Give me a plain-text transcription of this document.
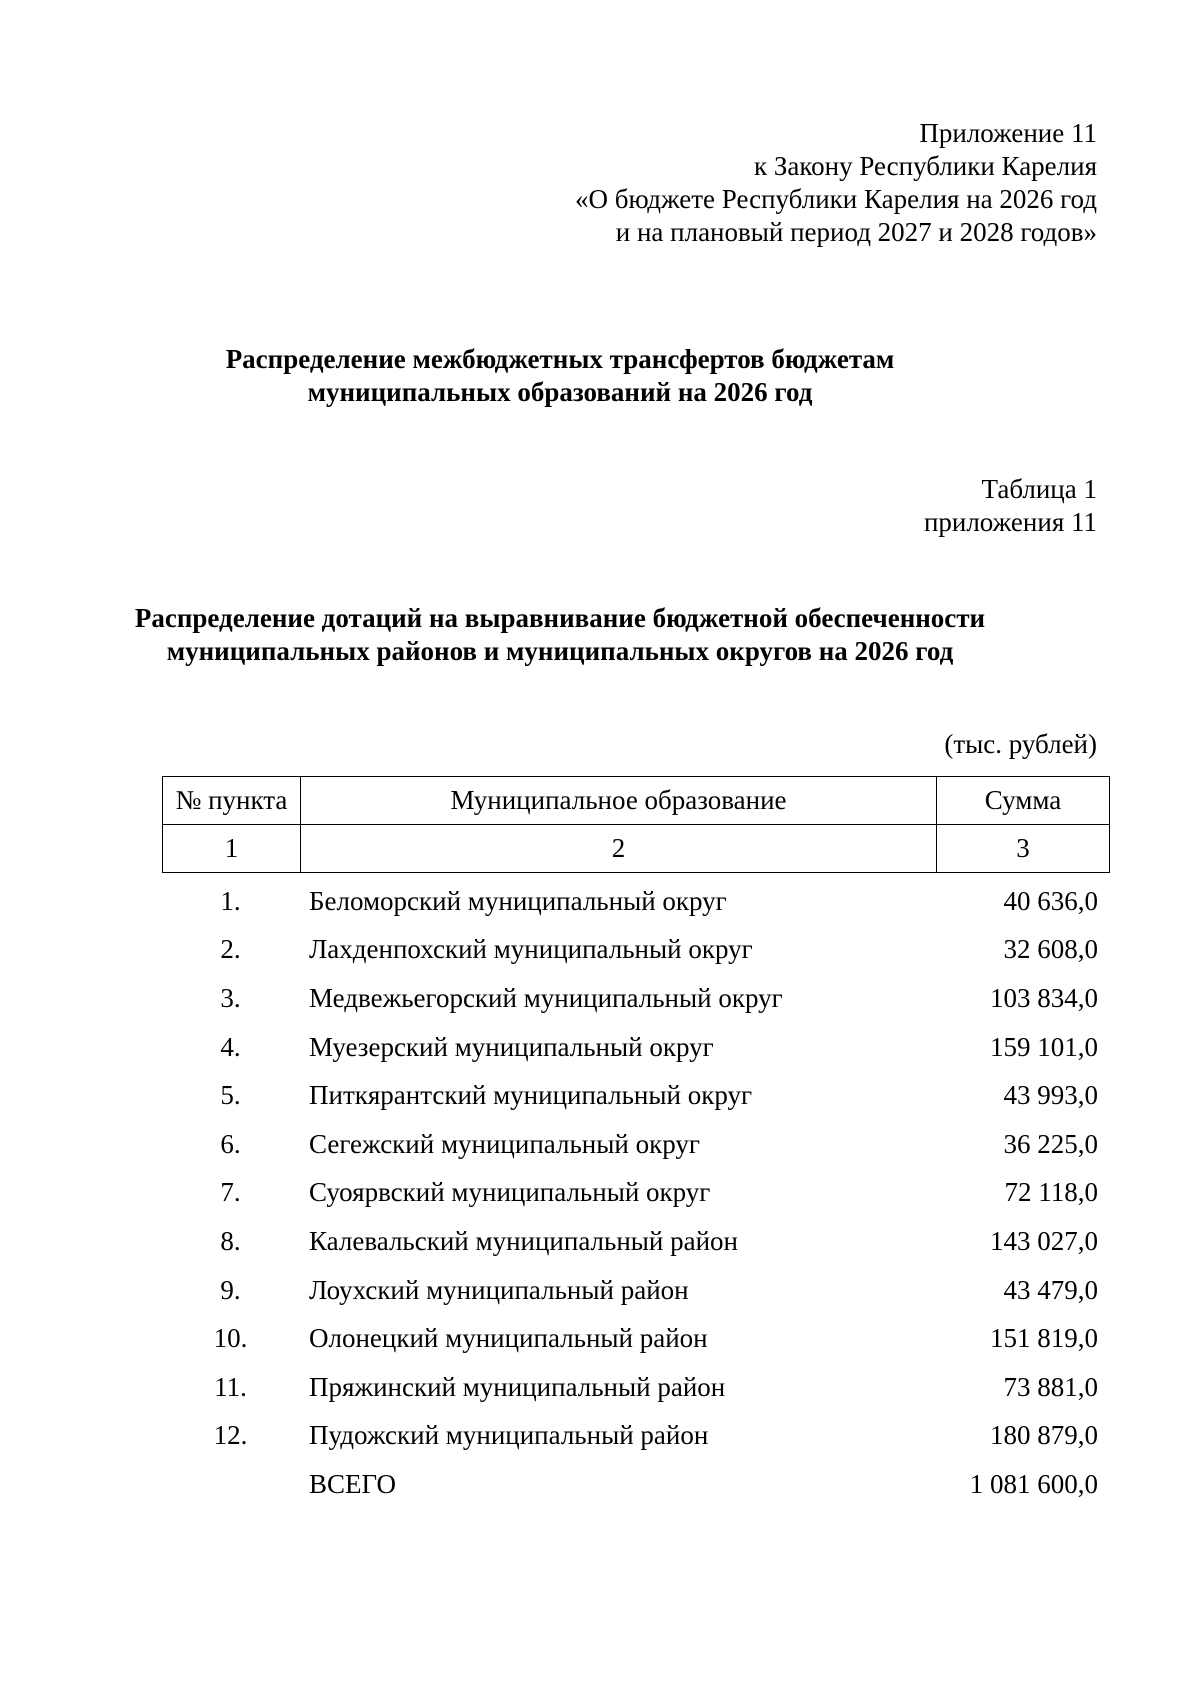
Приложение 11
к Закону Республики Карелия
«О бюджете Республики Карелия на 2026 год
и на плановый период 2027 и 2028 годов»
Распределение межбюджетных трансфертов бюджетам
муниципальных образований на 2026 год
Таблица 1
приложения 11
Распределение дотаций на выравнивание бюджетной обеспеченности
муниципальных районов и муниципальных округов на 2026 год
(тыс. рублей)
№ пункта	Муниципальное образование	Сумма
1	2	3
1.	Беломорский муниципальный округ	40 636,0
2.	Лахденпохский муниципальный округ	32 608,0
3.	Медвежьегорский муниципальный округ	103 834,0
4.	Муезерский муниципальный округ	159 101,0
5.	Питкярантский муниципальный округ	43 993,0
6.	Сегежский муниципальный округ	36 225,0
7.	Суоярвский муниципальный округ	72 118,0
8.	Калевальский муниципальный район	143 027,0
9.	Лоухский муниципальный район	43 479,0
10.	Олонецкий муниципальный район	151 819,0
11.	Пряжинский муниципальный район	73 881,0
12.	Пудожский муниципальный район	180 879,0
ВСЕГО	1 081 600,0
